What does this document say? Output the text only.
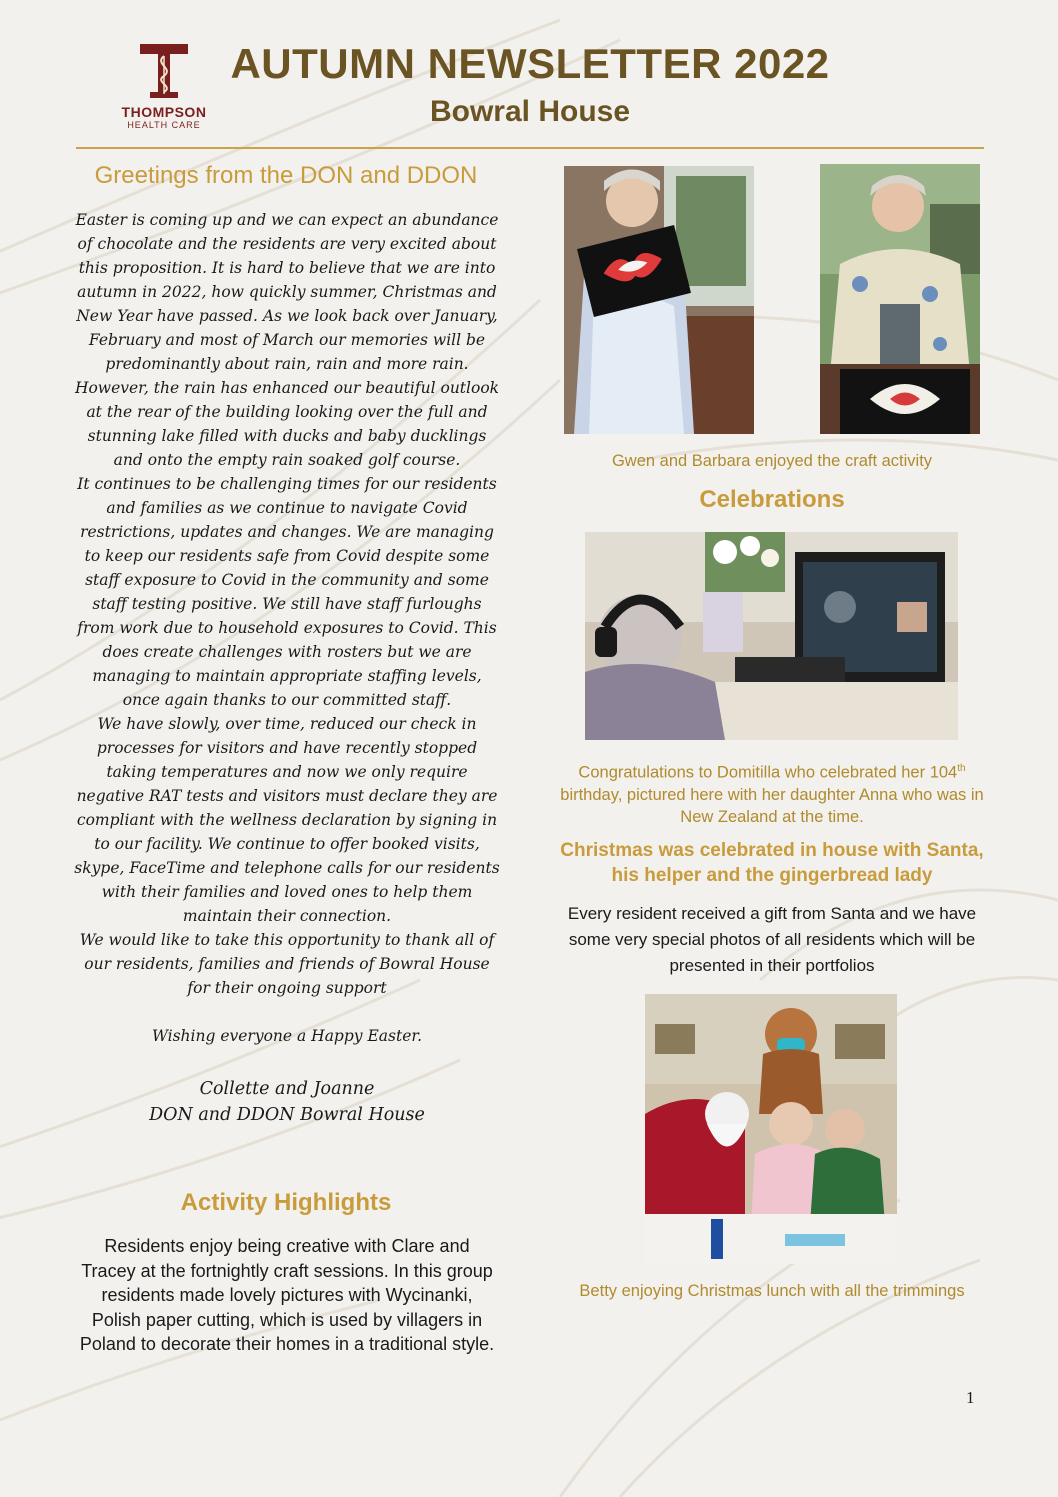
THOMPSON
HEALTH CARE
AUTUMN NEWSLETTER 2022
Bowral House
Greetings from the DON and DDON

Easter is coming up and we can expect an abundance of chocolate and the residents are very excited about this proposition. It is hard to believe that we are into autumn in 2022, how quickly summer, Christmas and New Year have passed. As we look back over January, February and most of March our memories will be predominantly about rain, rain and more rain. However, the rain has enhanced our beautiful outlook at the rear of the building looking over the full and stunning lake filled with ducks and baby ducklings and onto the empty rain soaked golf course.

It continues to be challenging times for our residents and families as we continue to navigate Covid restrictions, updates and changes. We are managing to keep our residents safe from Covid despite some staff exposure to Covid in the community and some staff testing positive. We still have staff furloughs from work due to household exposures to Covid. This does create challenges with rosters but we are managing to maintain appropriate staffing levels, once again thanks to our committed staff.

We have slowly, over time, reduced our check in processes for visitors and have recently stopped taking temperatures and now we only require negative RAT tests and visitors must declare they are compliant with the wellness declaration by signing in to our facility. We continue to offer booked visits, skype, FaceTime and telephone calls for our residents with their families and loved ones to help them maintain their connection.

We would like to take this opportunity to thank all of our residents, families and friends of Bowral House for their ongoing support

Wishing everyone a Happy Easter.

Collette and Joanne

DON and DDON Bowral House

Activity Highlights
Residents enjoy being creative with Clare and Tracey at the fortnightly craft sessions. In this group residents made lovely pictures with Wycinanki, Polish paper cutting, which is used by villagers in Poland to decorate their homes in a traditional style.
Gwen and Barbara enjoyed the craft activity
Celebrations
Congratulations to Domitilla who celebrated her 104th birthday, pictured here with her daughter Anna who was in New Zealand at the time.
Christmas was celebrated in house with Santa, his helper and the gingerbread lady
Every resident received a gift from Santa and we have some very special photos of all residents which will be presented in their portfolios
Betty enjoying Christmas lunch with all the trimmings
1
